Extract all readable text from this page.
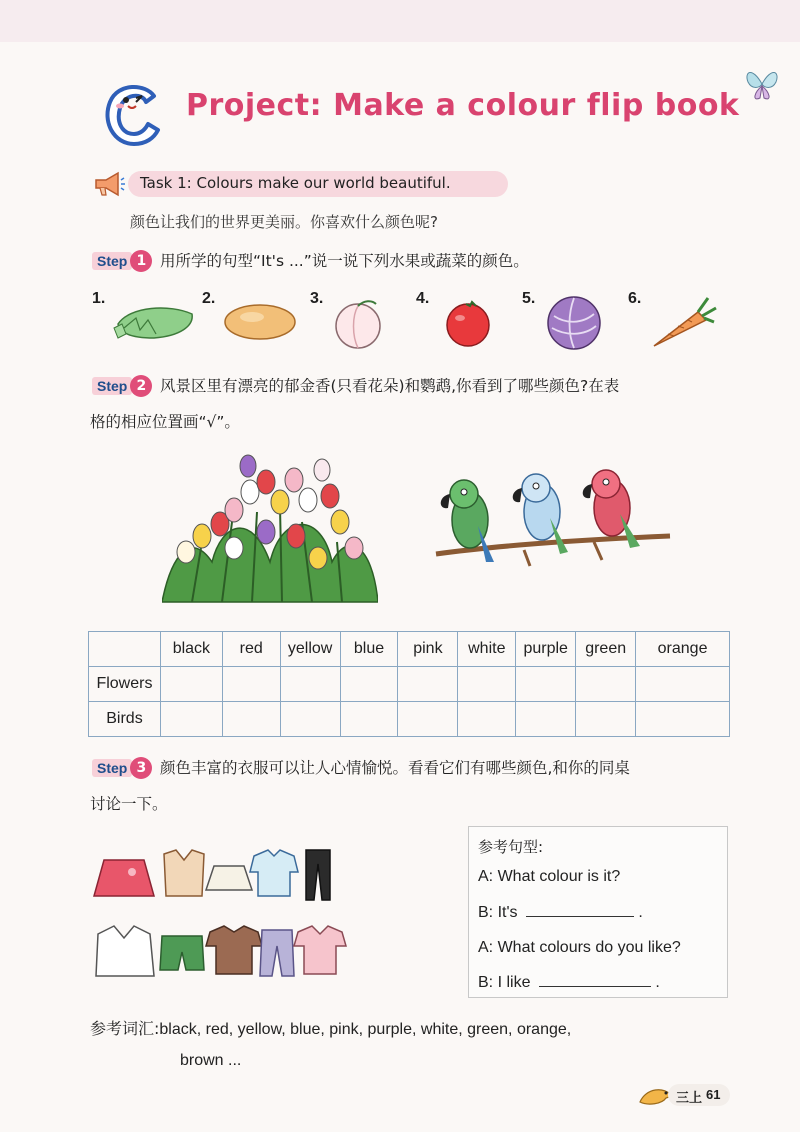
Project: Make a colour flip book
Task 1: Colours make our world beautiful.
颜色让我们的世界更美丽。你喜欢什么颜色呢?
Step 1 用所学的句型“It's ...”说一说下列水果或蔬菜的颜色。
1.	2.	3.	4.	5.	6.
Step 2 风景区里有漂亮的郁金香(只看花朵)和鹦鹉,你看到了哪些颜色?在表
格的相应位置画“√”。
	black	red	yellow	blue	pink	white	purple	green	orange
Flowers									
Birds									
Step 3 颜色丰富的衣服可以让人心情愉悦。看看它们有哪些颜色,和你的同桌
讨论一下。
参考句型:
A: What colour is it?
B: It's	.
A: What colours do you like?
B: I like	.
参考词汇:black, red, yellow, blue, pink, purple, white, green, orange,
brown ...
三上 61
